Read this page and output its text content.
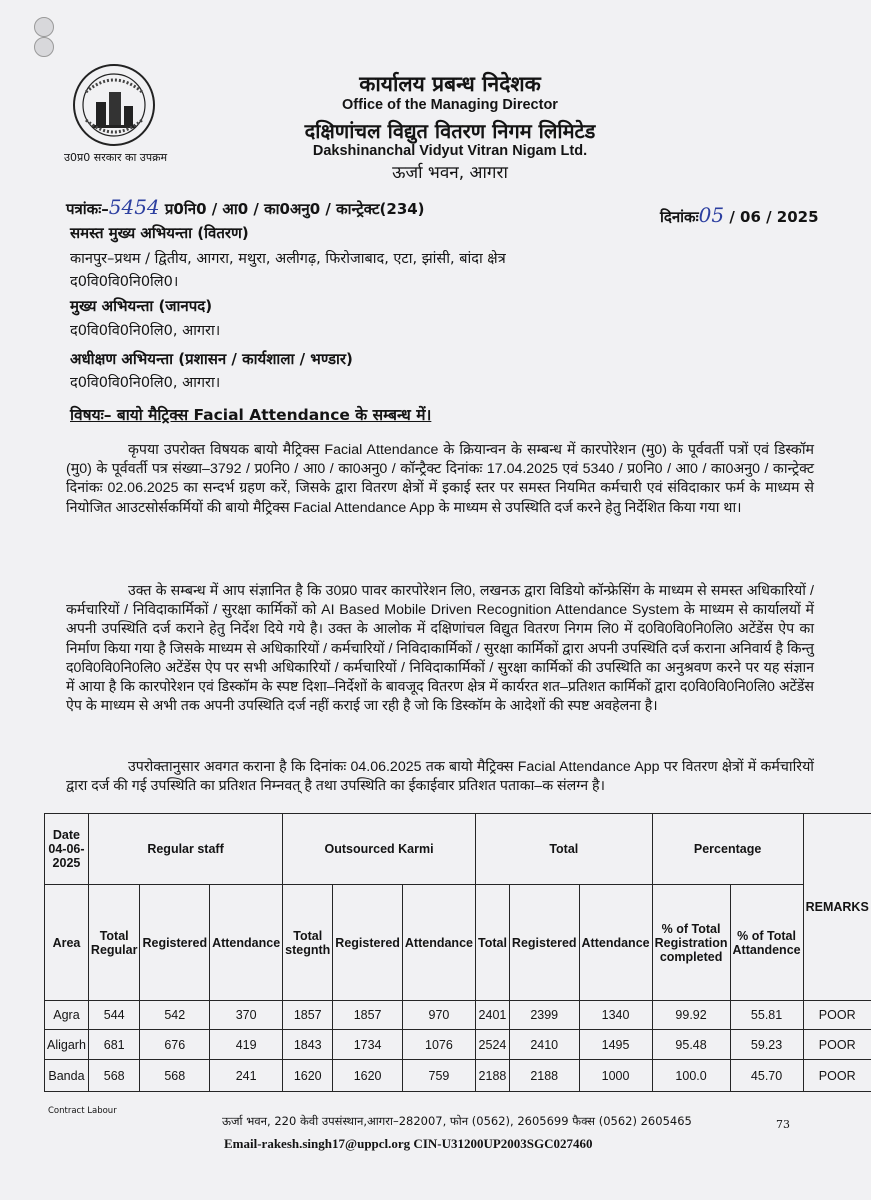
उ0प्र0 सरकार का उपक्रम
कार्यालय प्रबन्ध निदेशक
Office of the Managing Director
दक्षिणांचल विद्युत वितरण निगम लिमिटेड
Dakshinanchal Vidyut Vitran Nigam Ltd.
ऊर्जा भवन, आगरा
पत्रांकः–5454 प्र0नि0 / आ0 / का0अनु0 / कान्ट्रेक्ट(234)	दिनांकः05 / 06 / 2025
समस्त मुख्य अभियन्ता (वितरण)
कानपुर–प्रथम / द्वितीय, आगरा, मथुरा, अलीगढ़, फिरोजाबाद, एटा, झांसी, बांदा क्षेत्र
द0वि0वि0नि0लि0।
मुख्य अभियन्ता (जानपद)
द0वि0वि0नि0लि0, आगरा।
अधीक्षण अभियन्ता (प्रशासन / कार्यशाला / भण्डार)
द0वि0वि0नि0लि0, आगरा।
विषयः– बायो मैट्रिक्स Facial Attendance के सम्बन्ध में।
कृपया उपरोक्त विषयक बायो मैट्रिक्स Facial Attendance के क्रियान्वन के सम्बन्ध में कारपोरेशन (मु0) के पूर्ववर्ती पत्रों एवं डिस्कॉम (मु0) के पूर्ववर्ती पत्र संख्या–3792 / प्र0नि0 / आ0 / का0अनु0 / कॉन्ट्रैक्ट दिनांकः 17.04.2025 एवं 5340 / प्र0नि0 / आ0 / का0अनु0 / कान्ट्रेक्ट दिनांकः 02.06.2025 का सन्दर्भ ग्रहण करें, जिसके द्वारा वितरण क्षेत्रों में इकाई स्तर पर समस्त नियमित कर्मचारी एवं संविदाकार फर्म के माध्यम से नियोजित आउटसोर्सकर्मियों की बायो मैट्रिक्स Facial Attendance App के माध्यम से उपस्थिति दर्ज करने हेतु निर्देशित किया गया था।
उक्त के सम्बन्ध में आप संज्ञानित है कि उ0प्र0 पावर कारपोरेशन लि0, लखनऊ द्वारा विडियो कॉन्फ्रेसिंग के माध्यम से समस्त अधिकारियों / कर्मचारियों / निविदाकार्मिकों / सुरक्षा कार्मिकों को AI Based Mobile Driven Recognition Attendance System के माध्यम से कार्यालयों में अपनी उपस्थिति दर्ज कराने हेतु निर्देश दिये गये है। उक्त के आलोक में दक्षिणांचल विद्युत वितरण निगम लि0 में द0वि0वि0नि0लि0 अटेंडेंस ऐप का निर्माण किया गया है जिसके माध्यम से अधिकारियों / कर्मचारियों / निविदाकार्मिकों / सुरक्षा कार्मिकों द्वारा अपनी उपस्थिति दर्ज कराना अनिवार्य है किन्तु द0वि0वि0नि0लि0 अटेंडेंस ऐप पर सभी अधिकारियों / कर्मचारियों / निविदाकार्मिकों / सुरक्षा कार्मिकों की उपस्थिति का अनुश्रवण करने पर यह संज्ञान में आया है कि कारपोरेशन एवं डिस्कॉम के स्पष्ट दिशा–निर्देशों के बावजूद वितरण क्षेत्र में कार्यरत शत–प्रतिशत कार्मिकों द्वारा द0वि0वि0नि0लि0 अटेंडेंस ऐप के माध्यम से अभी तक अपनी उपस्थिति दर्ज नहीं कराई जा रही है जो कि डिस्कॉम के आदेशों की स्पष्ट अवहेलना है।
उपरोक्तानुसार अवगत कराना है कि दिनांकः 04.06.2025 तक बायो मैट्रिक्स Facial Attendance App पर वितरण क्षेत्रों में कर्मचारियों द्वारा दर्ज की गई उपस्थिति का प्रतिशत निम्नवत् है तथा उपस्थिति का ईकाईवार प्रतिशत पताका–क संलग्न है।
Date 04-06-2025	Regular staff			Outsourced Karmi			Total			Percentage		REMARKS
Area	Total Regular	Registered	Attendance	Total stegnth	Registered	Attendance	Total	Registered	Attendance	% of Total Registration completed	% of Total Attandence	
Agra	544	542	370	1857	1857	970	2401	2399	1340	99.92	55.81	POOR
Aligarh	681	676	419	1843	1734	1076	2524	2410	1495	95.48	59.23	POOR
Banda	568	568	241	1620	1620	759	2188	2188	1000	100.0	45.70	POOR
Contract Labour
73
ऊर्जा भवन, 220 केवी उपसंस्थान,आगरा–282007, फोन (0562), 2605699 फैक्स (0562) 2605465
Email-rakesh.singh17@uppcl.org CIN-U31200UP2003SGC027460
